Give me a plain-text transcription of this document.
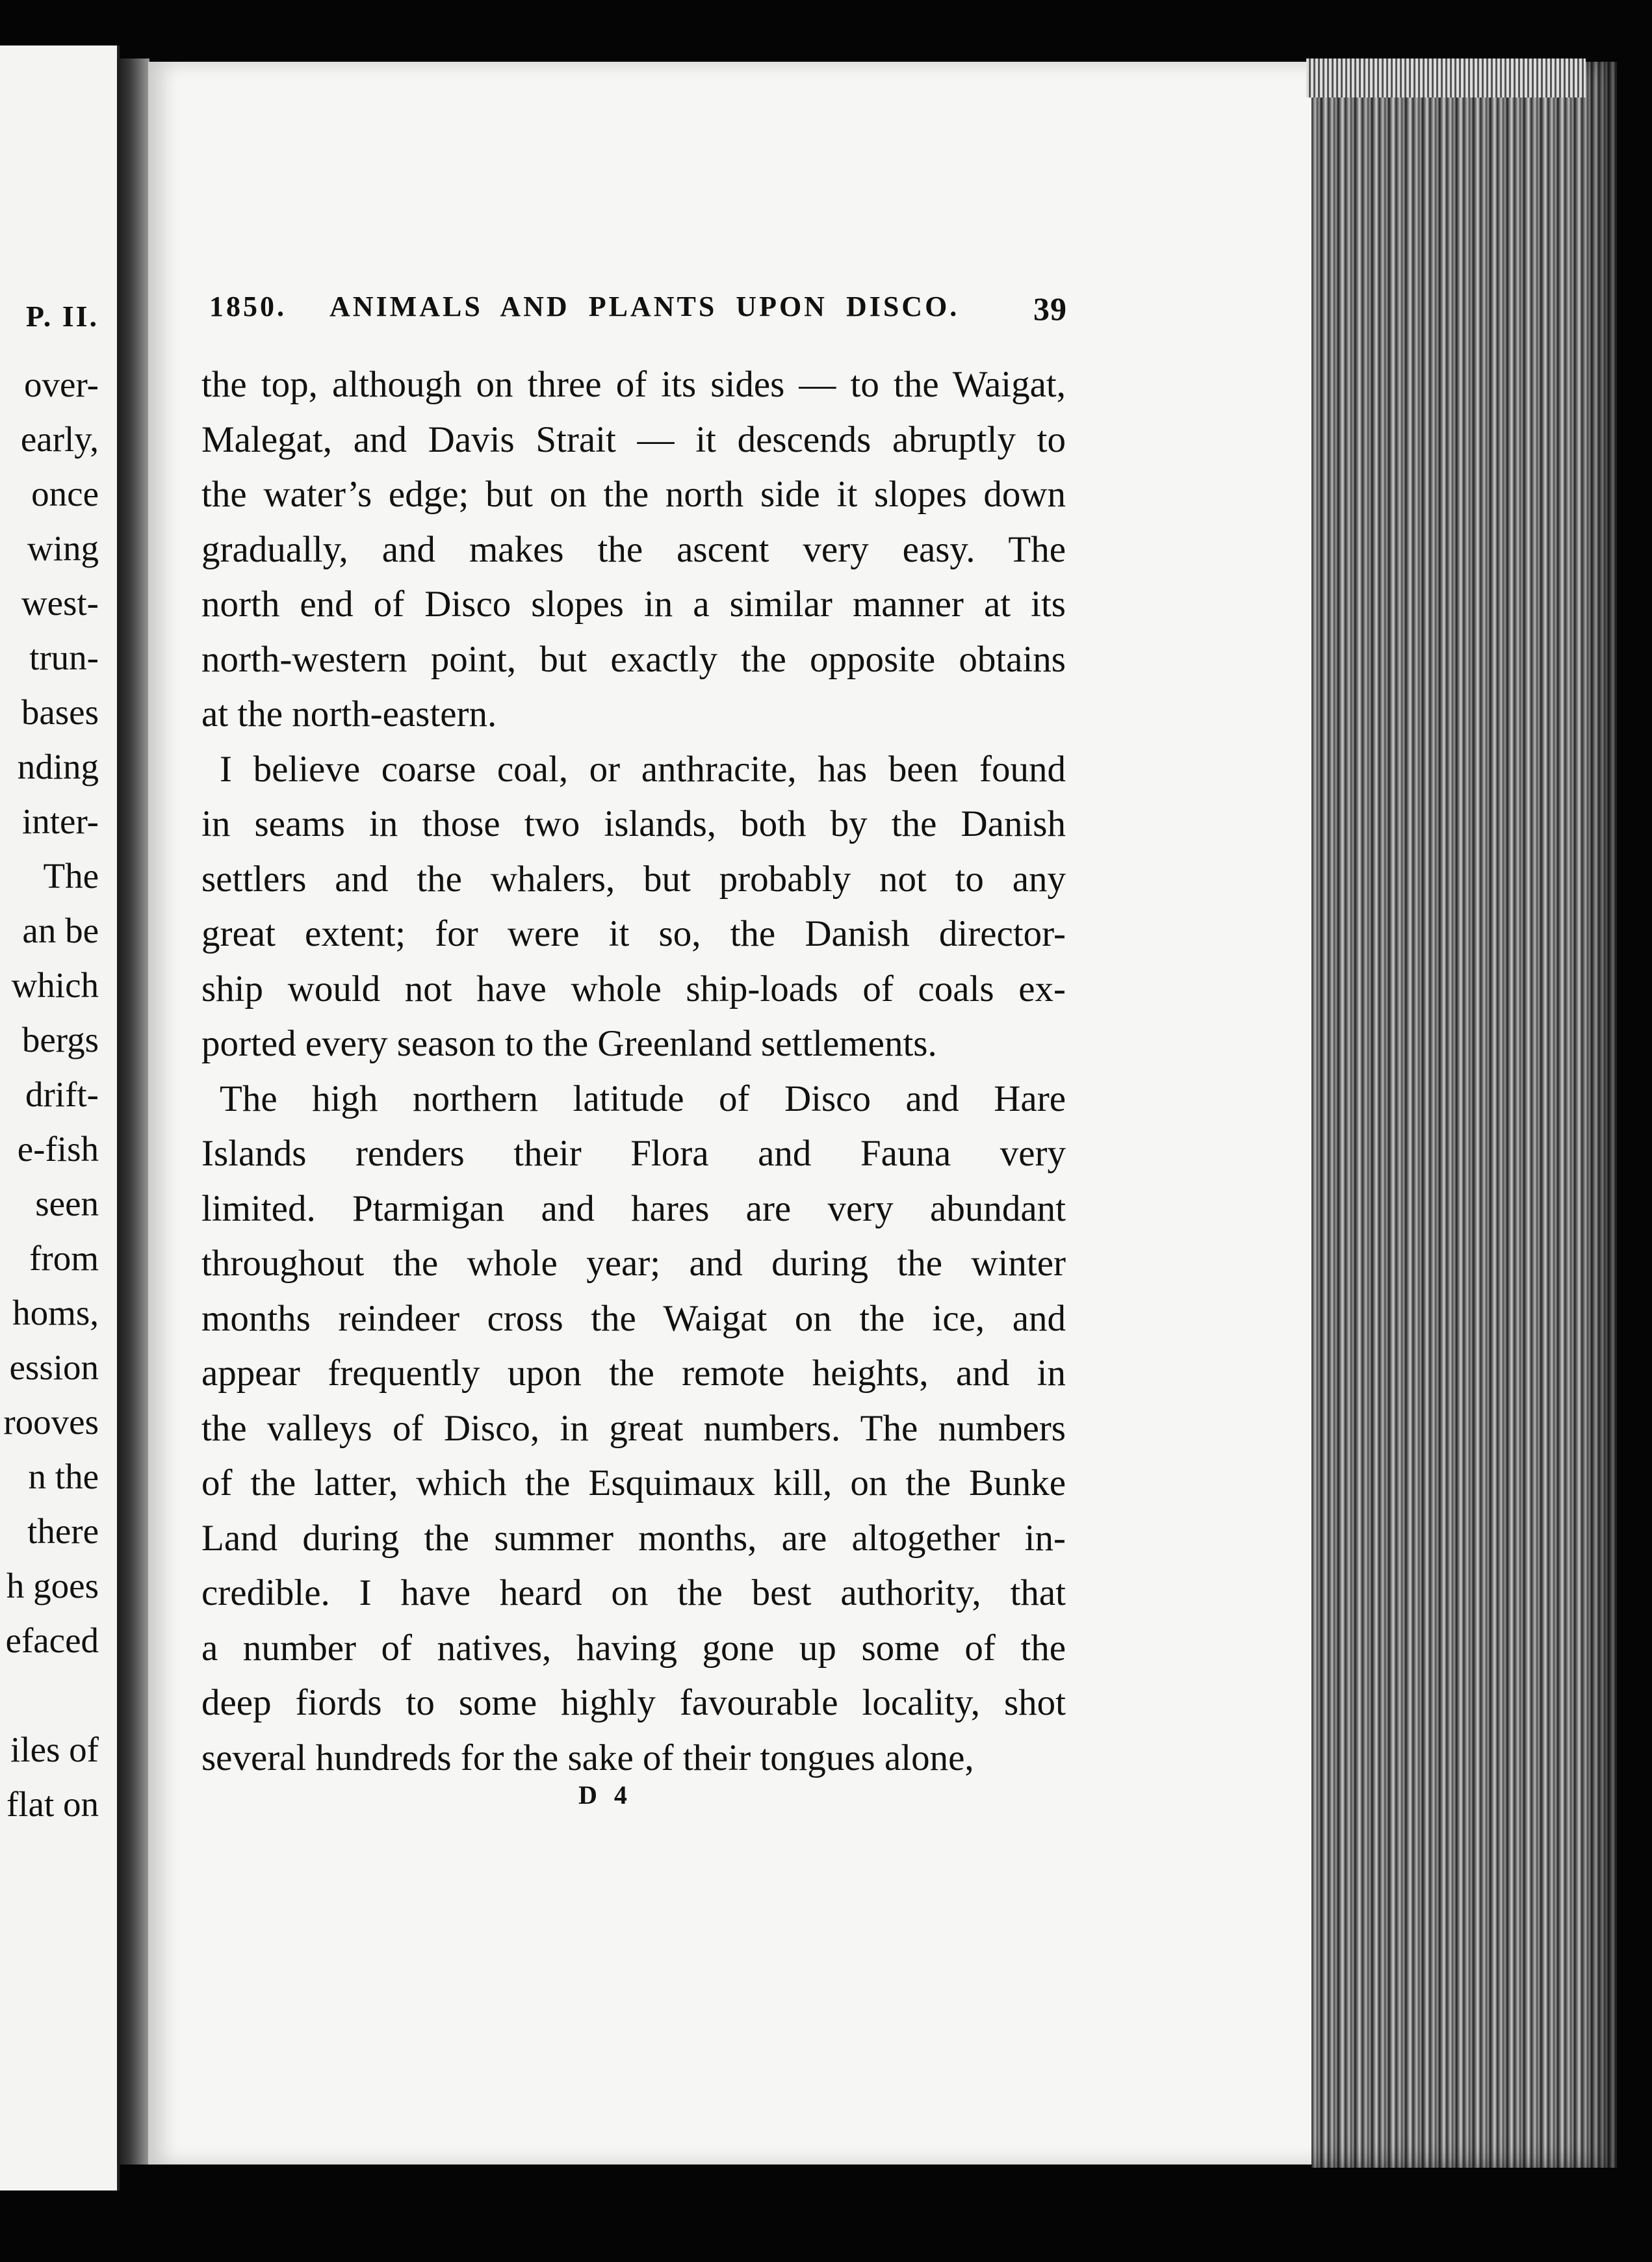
P. II.
over-
early,
once
wing
west-
trun-
bases
nding
inter-
The
an be
which
bergs
drift-
e-fish
seen
from
homs,
ession
rooves
n the
there
h goes
efaced
iles of
flat on
1850. ANIMALS AND PLANTS UPON DISCO. 39
the top, although on three of its sides — to the Waigat,
Malegat, and Davis Strait — it descends abruptly to
the water’s edge; but on the north side it slopes down
gradually, and makes the ascent very easy. The
north end of Disco slopes in a similar manner at its
north-western point, but exactly the opposite obtains
at the north-eastern.
I believe coarse coal, or anthracite, has been found
in seams in those two islands, both by the Danish
settlers and the whalers, but probably not to any
great extent; for were it so, the Danish director-
ship would not have whole ship-loads of coals ex-
ported every season to the Greenland settlements.
The high northern latitude of Disco and Hare
Islands renders their Flora and Fauna very
limited. Ptarmigan and hares are very abundant
throughout the whole year; and during the winter
months reindeer cross the Waigat on the ice, and
appear frequently upon the remote heights, and in
the valleys of Disco, in great numbers. The numbers
of the latter, which the Esquimaux kill, on the Bunke
Land during the summer months, are altogether in-
credible. I have heard on the best authority, that
a number of natives, having gone up some of the
deep fiords to some highly favourable locality, shot
several hundreds for the sake of their tongues alone,
D 4
